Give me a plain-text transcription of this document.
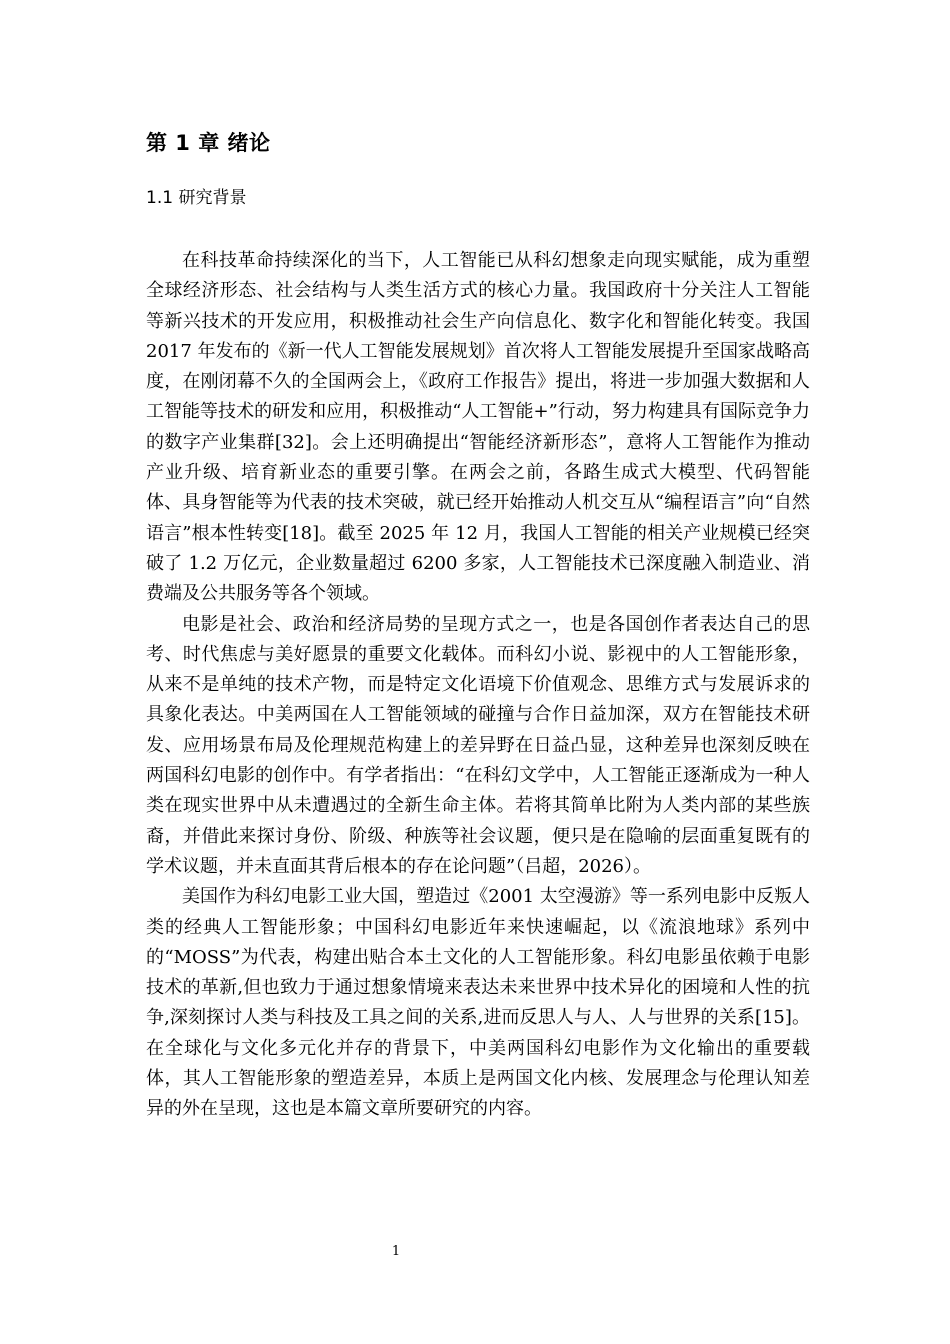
第 1 章 绪论
1.1 研究背景

在科技革命持续深化的当下，人工智能已从科幻想象走向现实赋能，成为重塑全球经济形态、社会结构与人类生活方式的核心力量。我国政府十分关注人工智能等新兴技术的开发应用，积极推动社会生产向信息化、数字化和智能化转变。我国 2017 年发布的《新一代人工智能发展规划》首次将人工智能发展提升至国家战略高度，在刚闭幕不久的全国两会上，《政府工作报告》提出，将进一步加强大数据和人工智能等技术的研发和应用，积极推动“人工智能+”行动，努力构建具有国际竞争力的数字产业集群[32]。会上还明确提出“智能经济新形态”，意将人工智能作为推动产业升级、培育新业态的重要引擎。在两会之前，各路生成式大模型、代码智能体、具身智能等为代表的技术突破，就已经开始推动人机交互从“编程语言”向“自然语言”根本性转变[18]。截至 2025 年 12 月，我国人工智能的相关产业规模已经突破了 1.2 万亿元，企业数量超过 6200 多家，人工智能技术已深度融入制造业、消费端及公共服务等各个领域。

电影是社会、政治和经济局势的呈现方式之一，也是各国创作者表达自己的思考、时代焦虑与美好愿景的重要文化载体。而科幻小说、影视中的人工智能形象，从来不是单纯的技术产物，而是特定文化语境下价值观念、思维方式与发展诉求的具象化表达。中美两国在人工智能领域的碰撞与合作日益加深，双方在智能技术研发、应用场景布局及伦理规范构建上的差异野在日益凸显，这种差异也深刻反映在两国科幻电影的创作中。有学者指出：“在科幻文学中，人工智能正逐渐成为一种人类在现实世界中从未遭遇过的全新生命主体。若将其简单比附为人类内部的某些族裔，并借此来探讨身份、阶级、种族等社会议题，便只是在隐喻的层面重复既有的学术议题，并未直面其背后根本的存在论问题”（吕超，2026）。

美国作为科幻电影工业大国，塑造过《2001 太空漫游》等一系列电影中反叛人类的经典人工智能形象；中国科幻电影近年来快速崛起，以《流浪地球》系列中的“MOSS”为代表，构建出贴合本土文化的人工智能形象。科幻电影虽依赖于电影技术的革新,但也致力于通过想象情境来表达未来世界中技术异化的困境和人性的抗争,深刻探讨人类与科技及工具之间的关系,进而反思人与人、人与世界的关系[15]。在全球化与文化多元化并存的背景下，中美两国科幻电影作为文化输出的重要载体，其人工智能形象的塑造差异，本质上是两国文化内核、发展理念与伦理认知差异的外在呈现，这也是本篇文章所要研究的内容。

1
